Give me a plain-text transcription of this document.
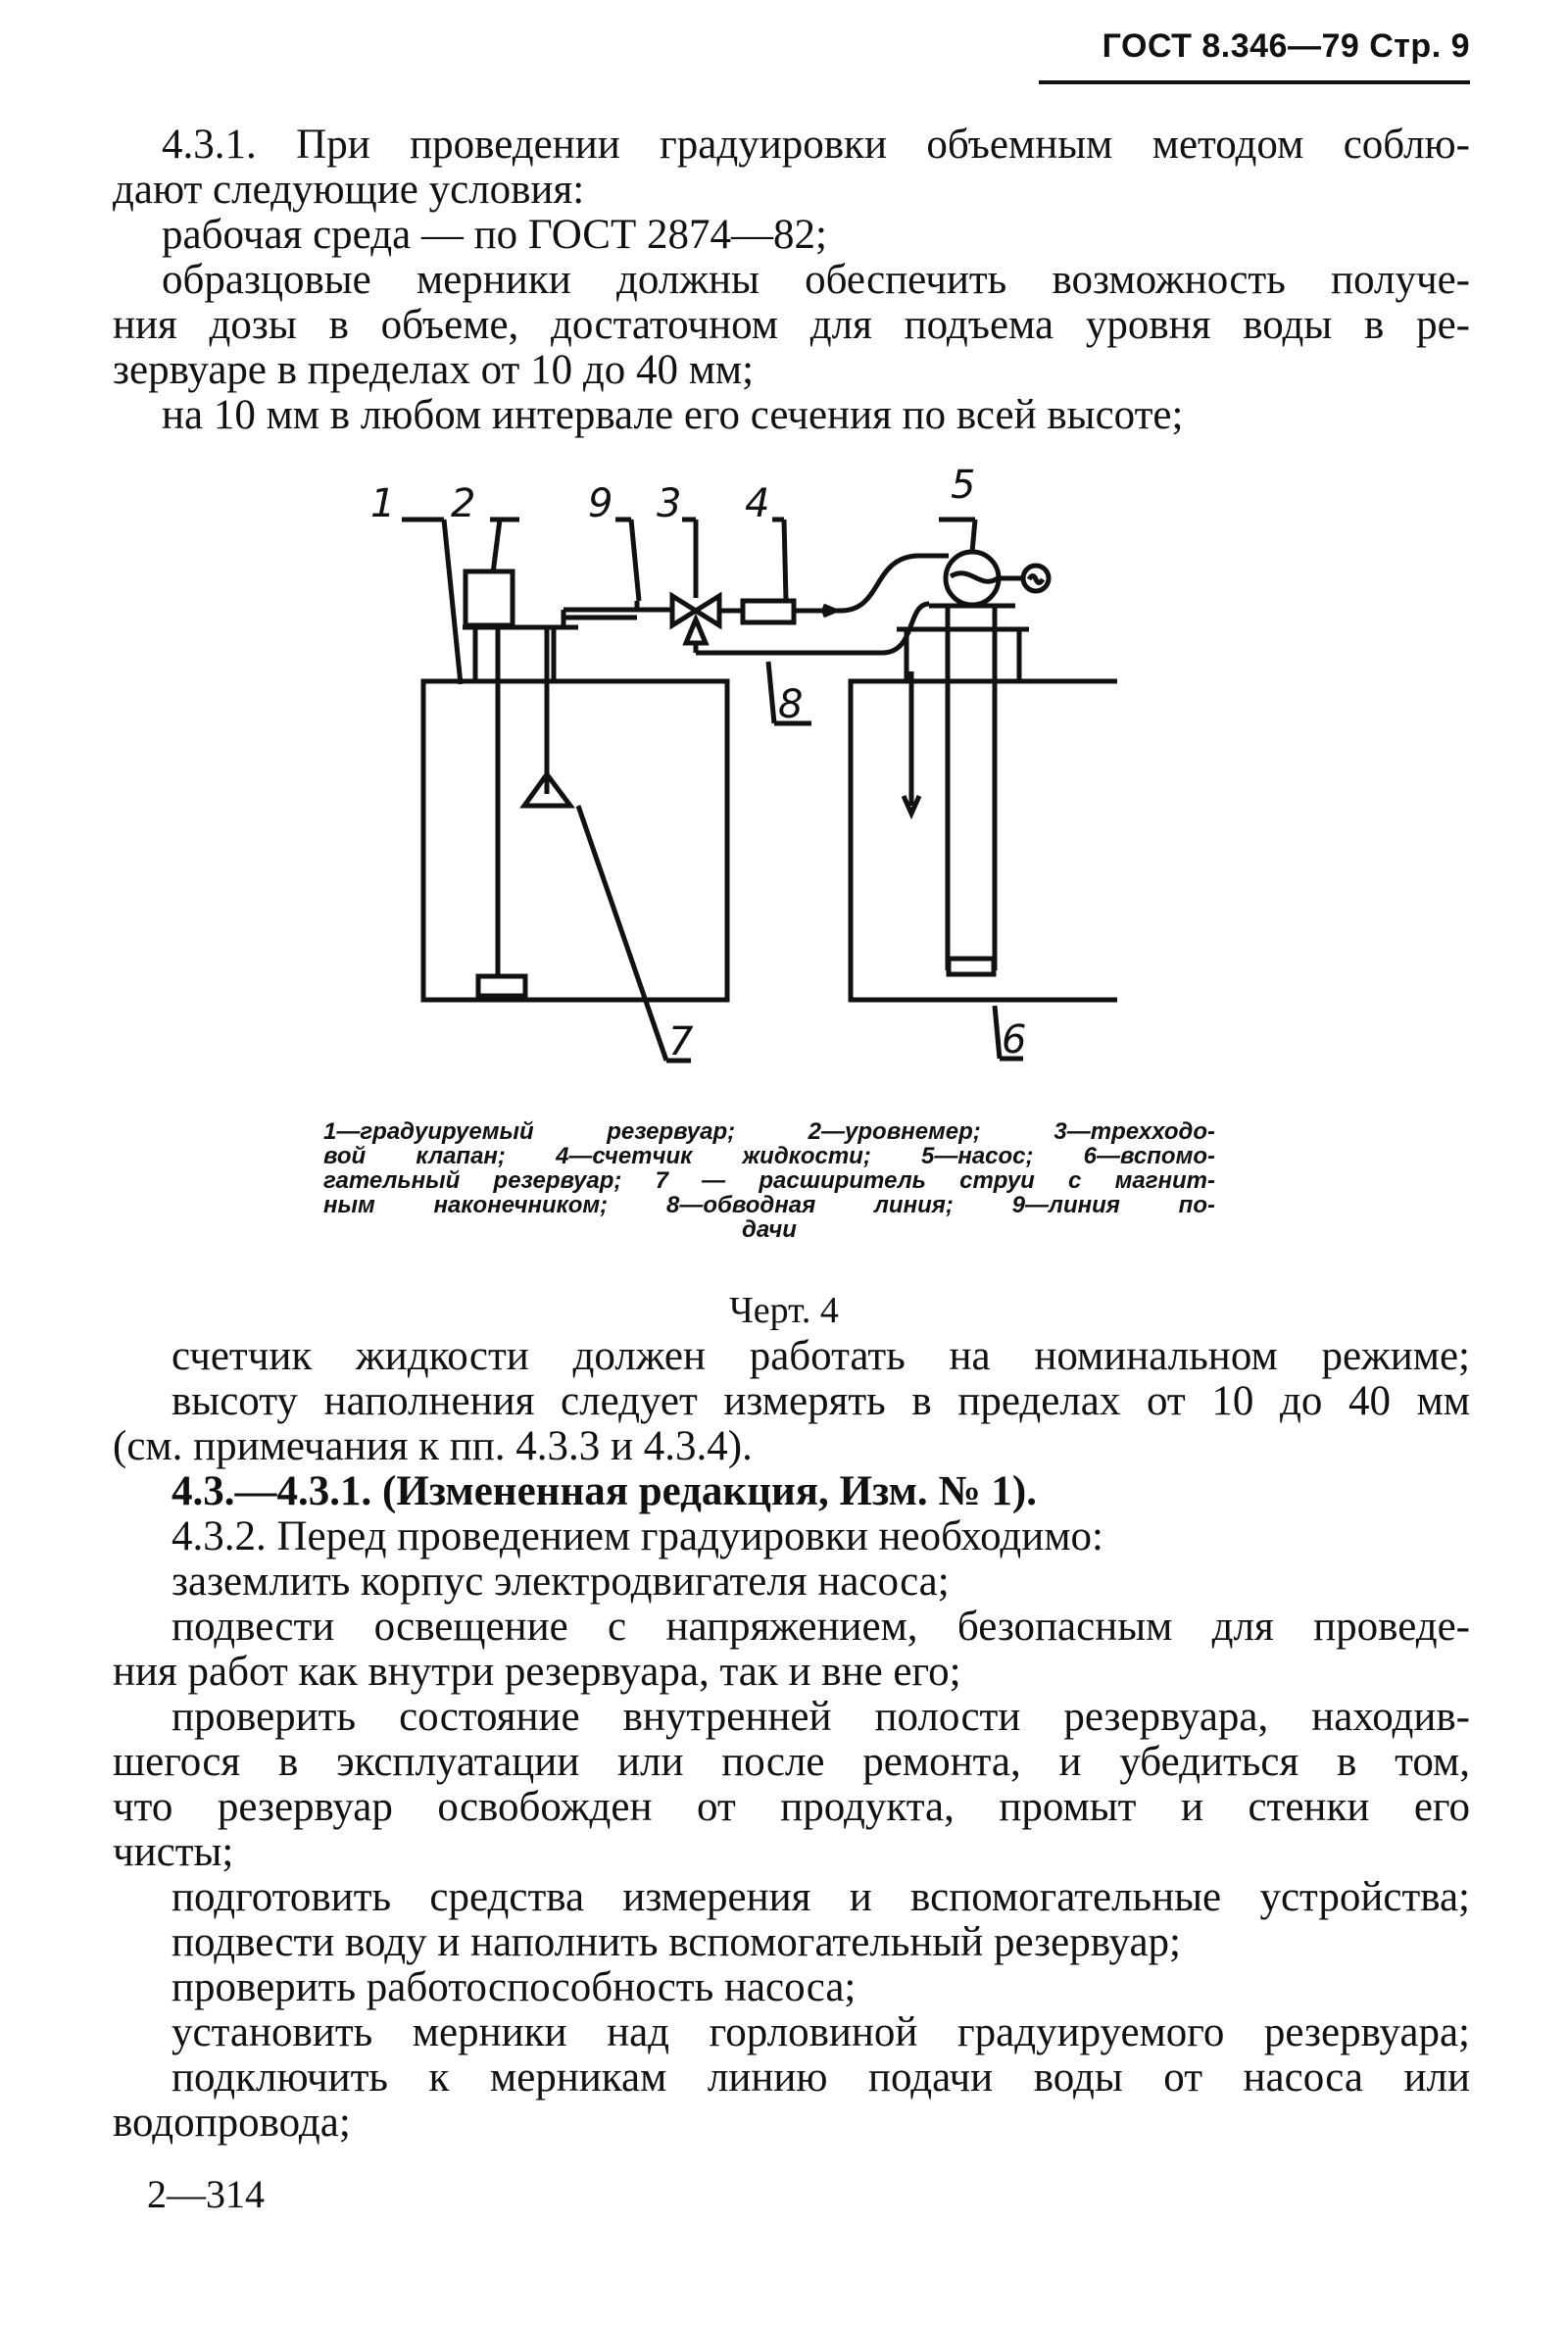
ГОСТ 8.346—79 Стр. 9
4.3.1. При проведении градуировки объемным методом соблю-
дают следующие условия:
рабочая среда — по ГОСТ 2874—82;
образцовые мерники должны обеспечить возможность получе-
ния дозы в объеме, достаточном для подъема уровня воды в ре-
зервуаре в пределах от 10 до 40 мм;
на 10 мм в любом интервале его сечения по всей высоте;
1 2	9 3 4	5
8
7	6
1—градуируемый резервуар; 2—уровнемер; 3—трехходо-
вой клапан; 4—счетчик жидкости; 5—насос; 6—вспомо-
гательный резервуар; 7 — расширитель струи с магнит-
ным наконечником; 8—обводная линия; 9—линия по-
дачи
Черт. 4
счетчик жидкости должен работать на номинальном режиме;
высоту наполнения следует измерять в пределах от 10 до 40 мм
(см. примечания к пп. 4.3.3 и 4.3.4).
4.3.—4.3.1. (Измененная редакция, Изм. № 1).
4.3.2. Перед проведением градуировки необходимо:
заземлить корпус электродвигателя насоса;
подвести освещение с напряжением, безопасным для проведе-
ния работ как внутри резервуара, так и вне его;
проверить состояние внутренней полости резервуара, находив-
шегося в эксплуатации или после ремонта, и убедиться в том,
что резервуар освобожден от продукта, промыт и стенки его
чисты;
подготовить средства измерения и вспомогательные устройства;
подвести воду и наполнить вспомогательный резервуар;
проверить работоспособность насоса;
установить мерники над горловиной градуируемого резервуара;
подключить к мерникам линию подачи воды от насоса или
водопровода;
2—314
